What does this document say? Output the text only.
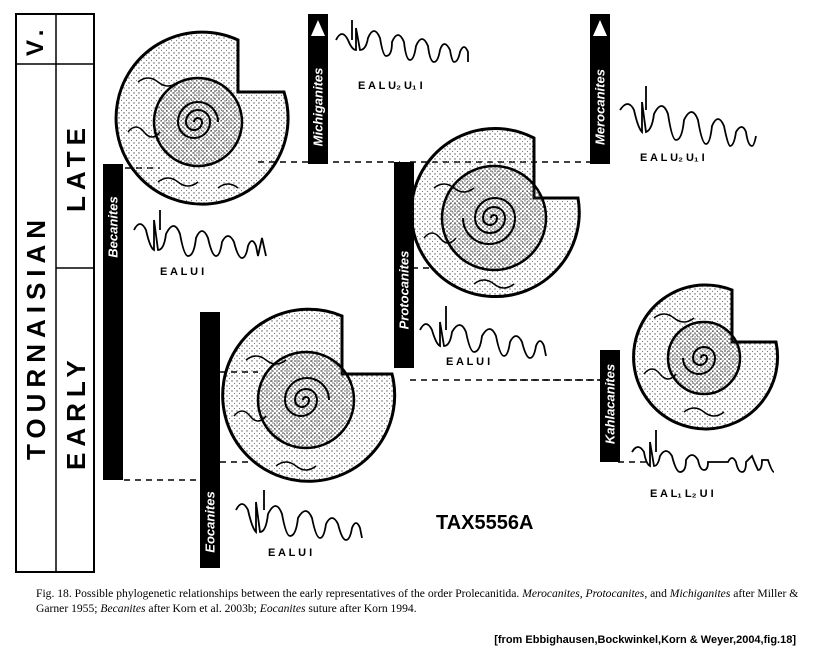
V.
TOURNAISIAN
LATE
EARLY
Michiganites	Merocanites
Becanites
Protocanites
Eocanites
Kahlacanites
E A L U₂ U₁ I
E A L U₂ U₁ I
E A L U I
E A L U I
E A L U I
E A L₁ L₂ U I
TAX5556A
Fig. 18. Possible phylogenetic relationships between the early representatives of the order Prolecanitida. Merocanites, Protocanites, and Michiganites after Miller & Garner 1955; Becanites after Korn et al. 2003b; Eocanites suture after Korn 1994.
[from Ebbighausen,Bockwinkel,Korn & Weyer,2004,fig.18]
